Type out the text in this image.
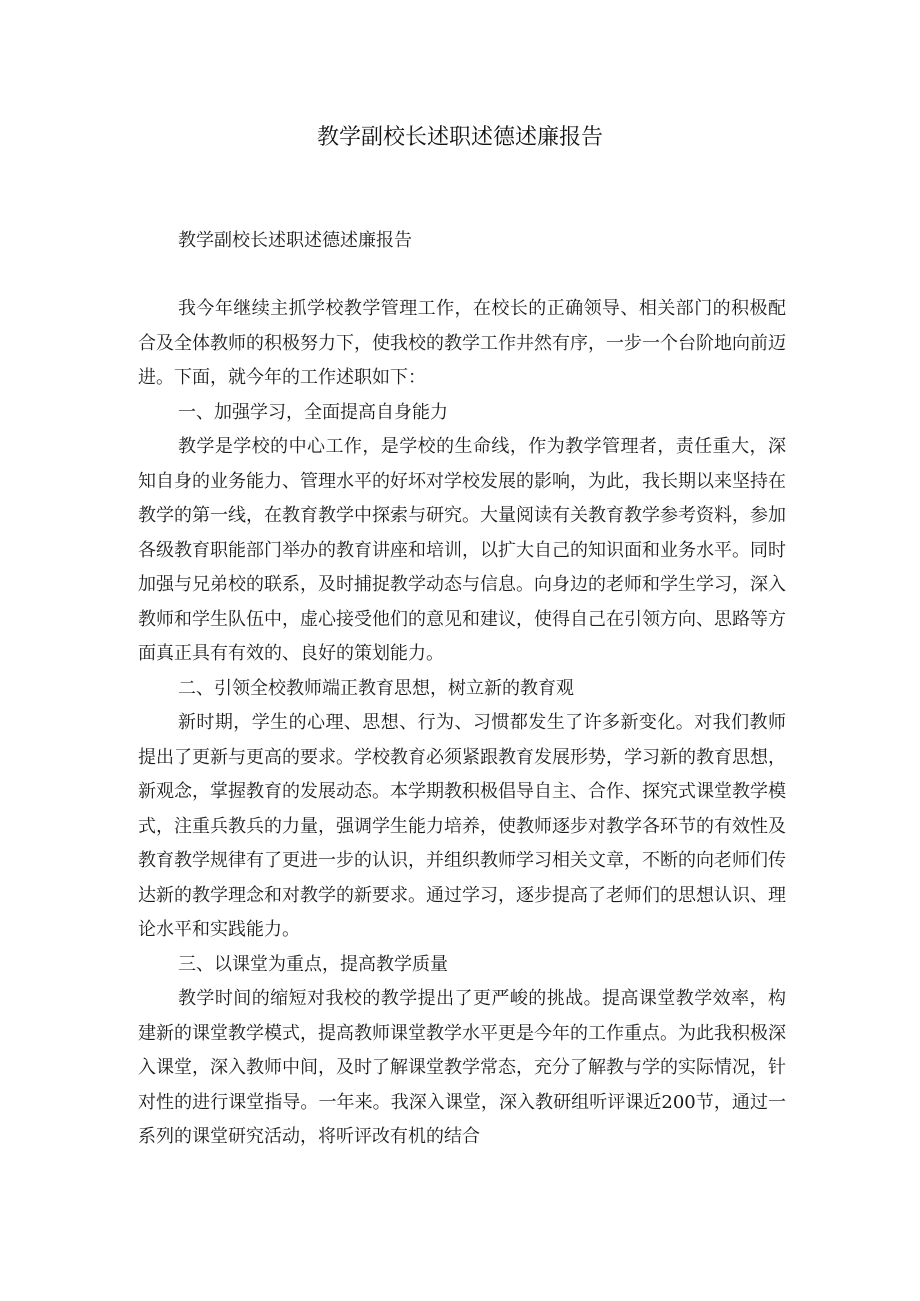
教学副校长述职述德述廉报告

教学副校长述职述德述廉报告

我今年继续主抓学校教学管理工作，在校长的正确领导、相关部门的积极配合及全体教师的积极努力下，使我校的教学工作井然有序，一步一个台阶地向前迈进。下面，就今年的工作述职如下：

一、加强学习，全面提高自身能力

教学是学校的中心工作，是学校的生命线，作为教学管理者，责任重大，深知自身的业务能力、管理水平的好坏对学校发展的影响，为此，我长期以来坚持在教学的第一线，在教育教学中探索与研究。大量阅读有关教育教学参考资料，参加各级教育职能部门举办的教育讲座和培训，以扩大自己的知识面和业务水平。同时加强与兄弟校的联系，及时捕捉教学动态与信息。向身边的老师和学生学习，深入教师和学生队伍中，虚心接受他们的意见和建议，使得自己在引领方向、思路等方面真正具有有效的、良好的策划能力。

二、引领全校教师端正教育思想，树立新的教育观

新时期，学生的心理、思想、行为、习惯都发生了许多新变化。对我们教师提出了更新与更高的要求。学校教育必须紧跟教育发展形势，学习新的教育思想，新观念，掌握教育的发展动态。本学期教积极倡导自主、合作、探究式课堂教学模式，注重兵教兵的力量，强调学生能力培养，使教师逐步对教学各环节的有效性及教育教学规律有了更进一步的认识，并组织教师学习相关文章，不断的向老师们传达新的教学理念和对教学的新要求。通过学习，逐步提高了老师们的思想认识、理论水平和实践能力。

三、以课堂为重点，提高教学质量

教学时间的缩短对我校的教学提出了更严峻的挑战。提高课堂教学效率，构建新的课堂教学模式，提高教师课堂教学水平更是今年的工作重点。为此我积极深入课堂，深入教师中间，及时了解课堂教学常态，充分了解教与学的实际情况，针对性的进行课堂指导。一年来。我深入课堂，深入教研组听评课近200节，通过一系列的课堂研究活动，将听评改有机的结合
